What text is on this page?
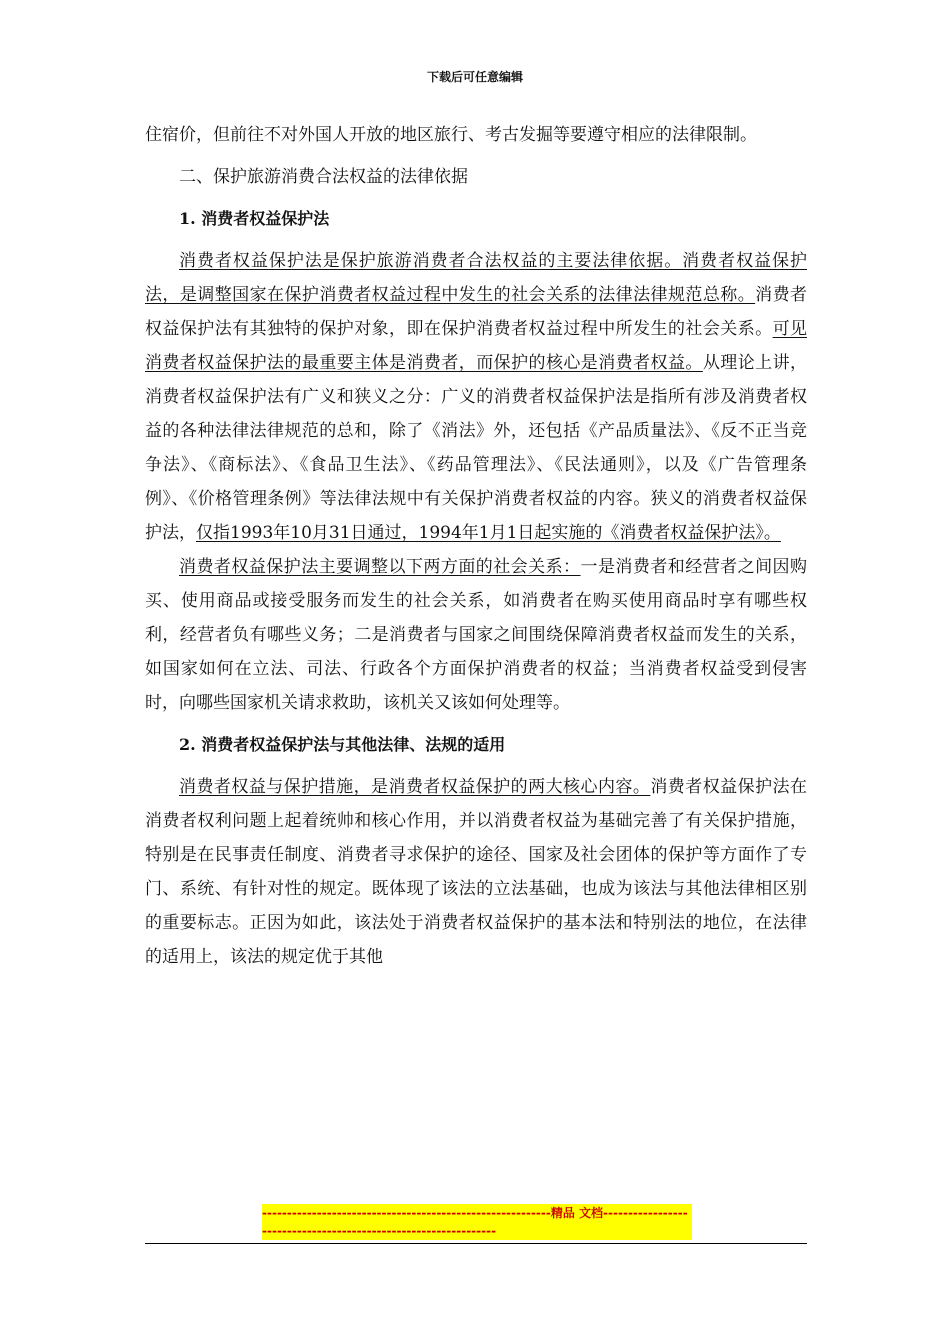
下载后可任意编辑

住宿价，但前往不对外国人开放的地区旅行、考古发掘等要遵守相应的法律限制。

二、保护旅游消费合法权益的法律依据
1. 消费者权益保护法

消费者权益保护法是保护旅游消费者合法权益的主要法律依据。消费者权益保护法，是调整国家在保护消费者权益过程中发生的社会关系的法律法律规范总称。消费者权益保护法有其独特的保护对象，即在保护消费者权益过程中所发生的社会关系。可见消费者权益保护法的最重要主体是消费者，而保护的核心是消费者权益。从理论上讲，消费者权益保护法有广义和狭义之分：广义的消费者权益保护法是指所有涉及消费者权益的各种法律法律规范的总和，除了《消法》外，还包括《产品质量法》、《反不正当竞争法》、《商标法》、《食品卫生法》、《药品管理法》、《民法通则》，以及《广告管理条例》、《价格管理条例》等法律法规中有关保护消费者权益的内容。狭义的消费者权益保护法，仅指1993年10月31日通过，1994年1月1日起实施的《消费者权益保护法》。

消费者权益保护法主要调整以下两方面的社会关系：一是消费者和经营者之间因购买、使用商品或接受服务而发生的社会关系，如消费者在购买使用商品时享有哪些权利，经营者负有哪些义务；二是消费者与国家之间围绕保障消费者权益而发生的关系，如国家如何在立法、司法、行政各个方面保护消费者的权益；当消费者权益受到侵害时，向哪些国家机关请求救助，该机关又该如何处理等。

2. 消费者权益保护法与其他法律、法规的适用

消费者权益与保护措施，是消费者权益保护的两大核心内容。消费者权益保护法在消费者权利问题上起着统帅和核心作用，并以消费者权益为基础完善了有关保护措施，特别是在民事责任制度、消费者寻求保护的途径、国家及社会团体的保护等方面作了专门、系统、有针对性的规定。既体现了该法的立法基础，也成为该法与其他法律相区别的重要标志。正因为如此，该法处于消费者权益保护的基本法和特别法的地位，在法律的适用上，该法的规定优于其他

----------------------------------------------------------精品 文档----------------------------------------------------------------
